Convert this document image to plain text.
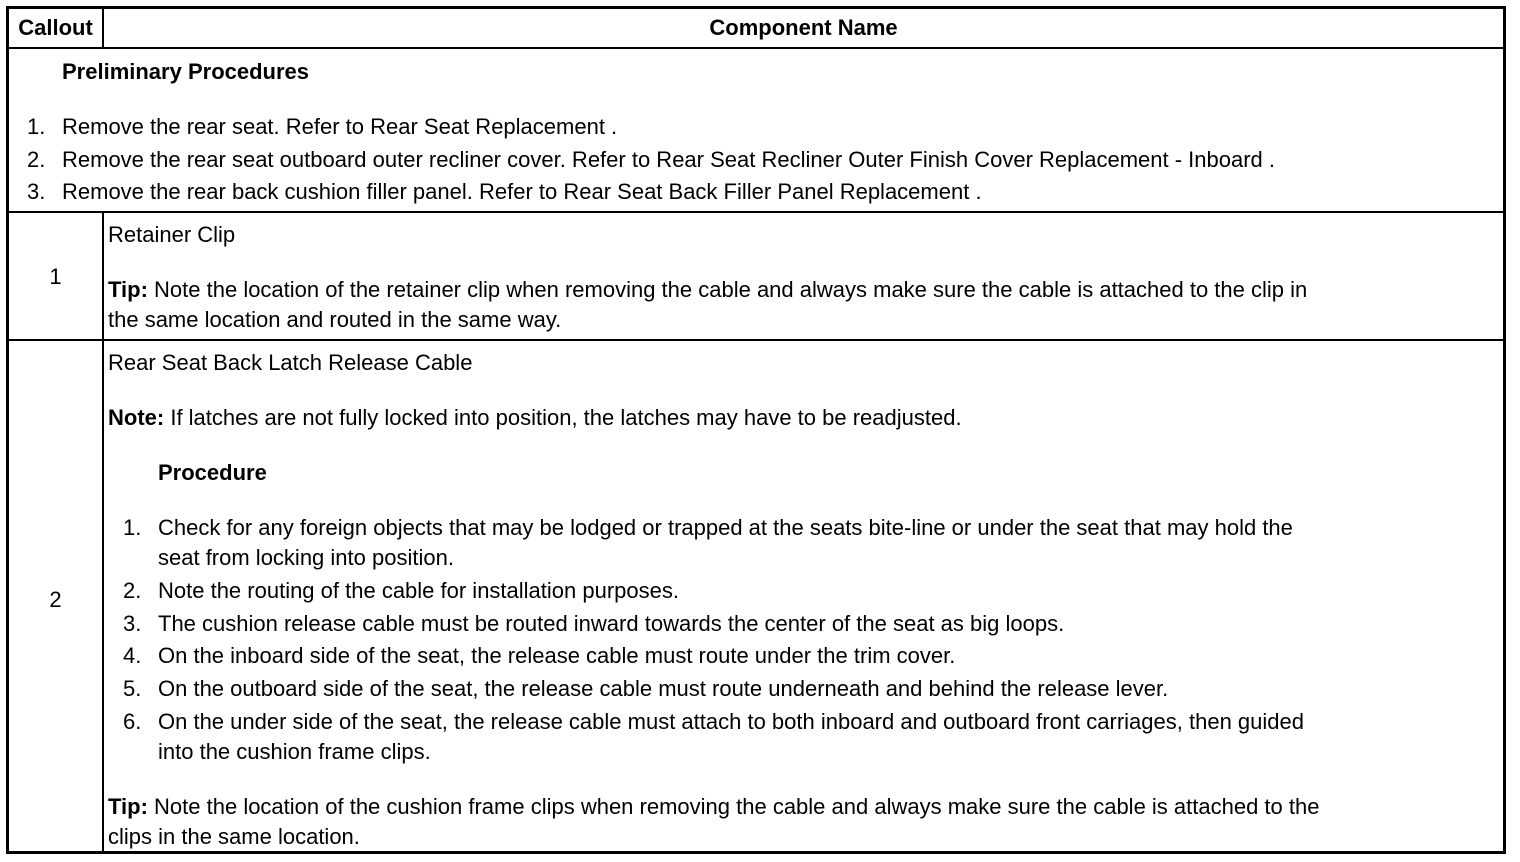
Callout	Component Name
Preliminary Procedures
1. Remove the rear seat. Refer to Rear Seat Replacement .
2. Remove the rear seat outboard outer recliner cover. Refer to Rear Seat Recliner Outer Finish Cover Replacement - Inboard .
3. Remove the rear back cushion filler panel. Refer to Rear Seat Back Filler Panel Replacement .
1
Retainer Clip
Tip: Note the location of the retainer clip when removing the cable and always make sure the cable is attached to the clip in
the same location and routed in the same way.
2
Rear Seat Back Latch Release Cable
Note: If latches are not fully locked into position, the latches may have to be readjusted.
Procedure
1. Check for any foreign objects that may be lodged or trapped at the seats bite-line or under the seat that may hold the
seat from locking into position.
2. Note the routing of the cable for installation purposes.
3. The cushion release cable must be routed inward towards the center of the seat as big loops.
4. On the inboard side of the seat, the release cable must route under the trim cover.
5. On the outboard side of the seat, the release cable must route underneath and behind the release lever.
6. On the under side of the seat, the release cable must attach to both inboard and outboard front carriages, then guided
into the cushion frame clips.
Tip: Note the location of the cushion frame clips when removing the cable and always make sure the cable is attached to the
clips in the same location.
